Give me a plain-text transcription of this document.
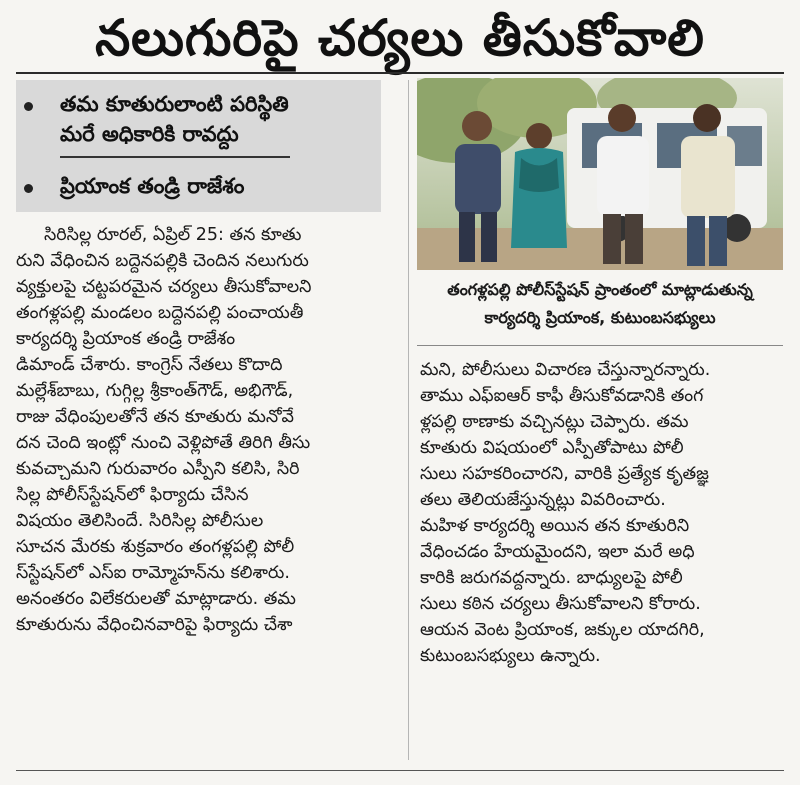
నలుగురిపై చర్యలు తీసుకోవాలి
తమ కూతురులాంటి పరిస్థితి
మరే అధికారికి రావద్దు
ప్రియాంక తండ్రి రాజేశం

సిరిసిల్ల రూరల్‌, ఏప్రిల్‌ 25: తన కూతు

రుని వేధించిన బద్దెనపల్లికి చెందిన నలుగురు

వ్యక్తులపై చట్టపరమైన చర్యలు తీసుకోవాలని

తంగళ్లపల్లి మండలం బద్దెనపల్లి పంచాయతీ

కార్యదర్శి ప్రియాంక తండ్రి రాజేశం

డిమాండ్‌ చేశారు. కాంగ్రెస్‌ నేతలు కొదాది

మల్లేశ్‌బాబు, గుగ్గిల్ల శ్రీకాంత్‌గౌడ్‌, అభిగౌడ్‌,

రాజు వేధింపులతోనే తన కూతురు మనోవే

దన చెంది ఇంట్లో నుంచి వెళ్లిపోతే తిరిగి తీసు

కువచ్చామని గురువారం ఎస్పీని కలిసి, సిరి

సిల్ల పోలీస్‌స్టేషన్‌లో ఫిర్యాదు చేసిన

విషయం తెలిసిందే. సిరిసిల్ల పోలీసుల

సూచన మేరకు శుక్రవారం తంగళ్లపల్లి పోలీ

స్‌స్టేషన్‌లో ఎస్‌ఐ రామ్మోహన్‌ను కలిశారు.

అనంతరం విలేకరులతో మాట్లాడారు. తమ

కూతురును వేధించినవారిపై ఫిర్యాదు చేశా

తంగళ్లపల్లి పోలీస్‌స్టేషన్‌ ప్రాంతంలో మాట్లాడుతున్న

కార్యదర్శి ప్రియాంక, కుటుంబసభ్యులు

మని, పోలీసులు విచారణ చేస్తున్నారన్నారు.

తాము ఎఫ్‌ఐఆర్‌ కాఫీ తీసుకోవడానికి తంగ

ళ్లపల్లి ఠాణాకు వచ్చినట్లు చెప్పారు. తమ

కూతురు విషయంలో ఎస్పీతోపాటు పోలీ

సులు సహకరించారని, వారికి ప్రత్యేక కృతజ్ఞ

తలు తెలియజేస్తున్నట్లు వివరించారు.

మహిళ కార్యదర్శి అయిన తన కూతురిని

వేధించడం హేయమైందని, ఇలా మరే అధి

కారికి జరుగవద్దన్నారు. బాధ్యులపై పోలీ

సులు కఠిన చర్యలు తీసుకోవాలని కోరారు.

ఆయన వెంట ప్రియాంక, జక్కుల యాదగిరి,

కుటుంబసభ్యులు ఉన్నారు.
